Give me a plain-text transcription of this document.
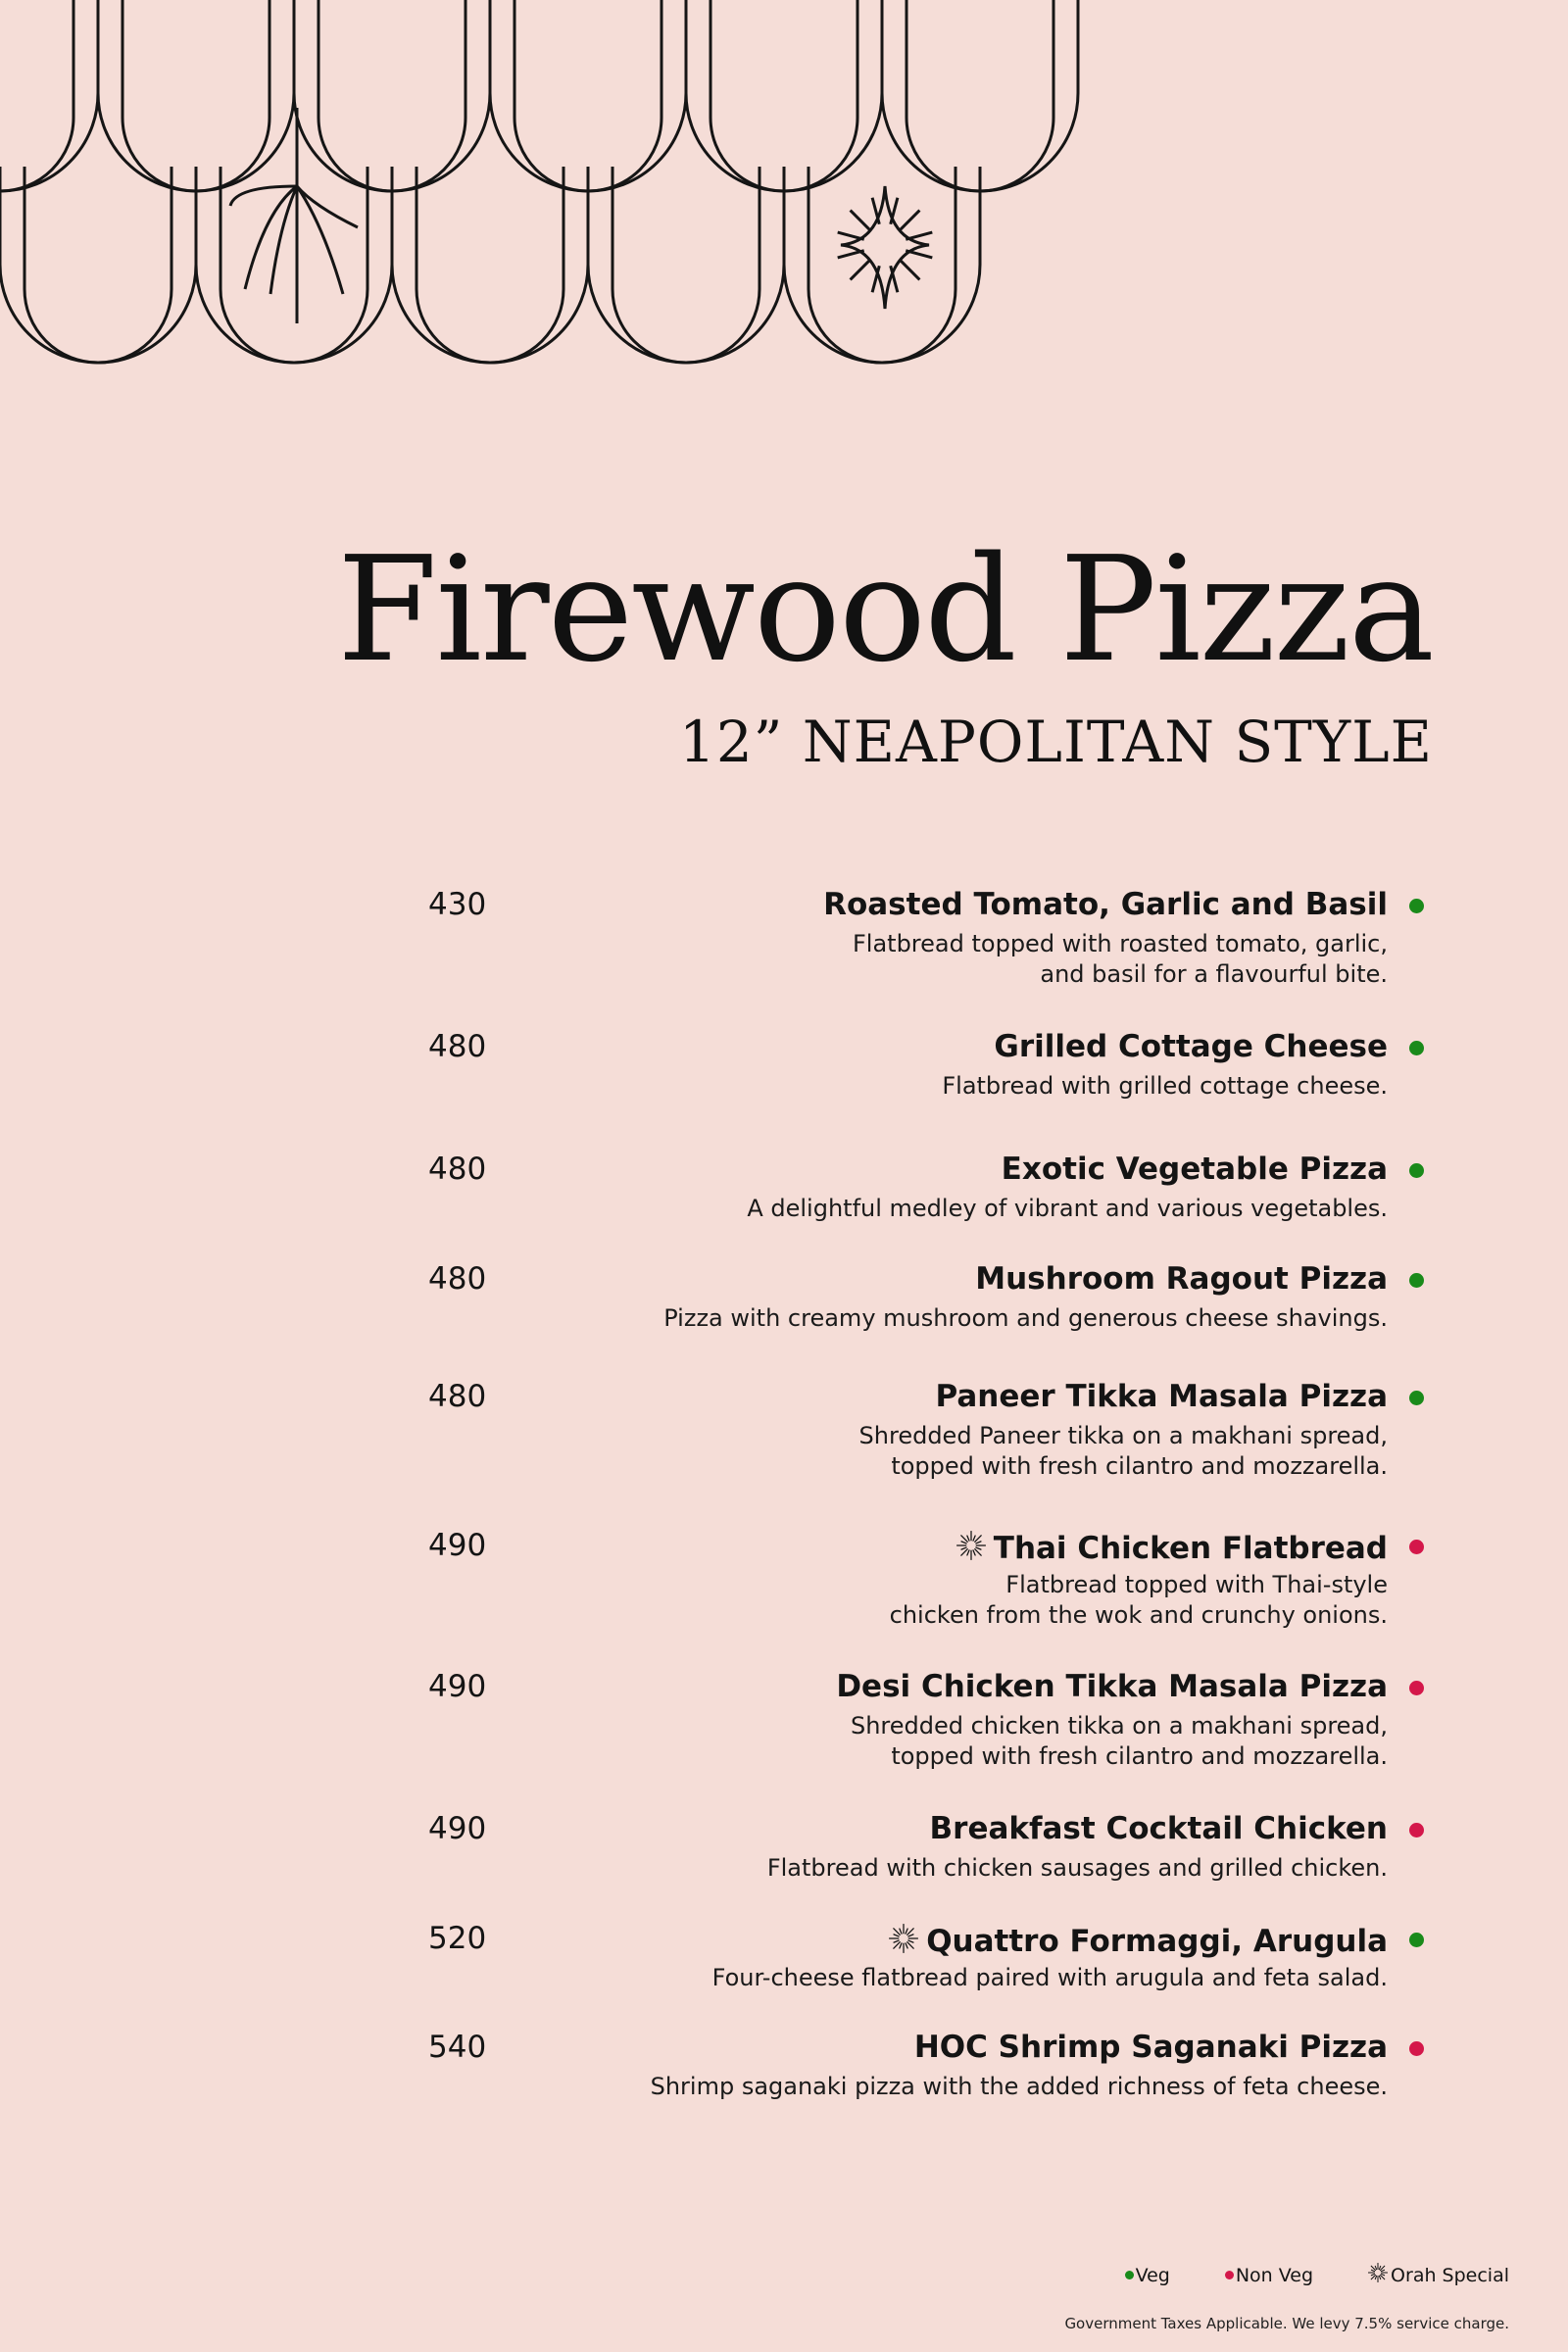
Firewood Pizza
12” NEAPOLITAN STYLE
430	Roasted Tomato, Garlic and Basil
Flatbread topped with roasted tomato, garlic,
and basil for a flavourful bite.
480	Grilled Cottage Cheese
Flatbread with grilled cottage cheese.
480	Exotic Vegetable Pizza
A delightful medley of vibrant and various vegetables.
480	Mushroom Ragout Pizza
Pizza with creamy mushroom and generous cheese shavings.
480	Paneer Tikka Masala Pizza
Shredded Paneer tikka on a makhani spread,
topped with fresh cilantro and mozzarella.
490	Thai Chicken Flatbread
Flatbread topped with Thai-style
chicken from the wok and crunchy onions.
490	Desi Chicken Tikka Masala Pizza
Shredded chicken tikka on a makhani spread,
topped with fresh cilantro and mozzarella.
490	Breakfast Cocktail Chicken
Flatbread with chicken sausages and grilled chicken.
520	Quattro Formaggi, Arugula
Four-cheese flatbread paired with arugula and feta salad.
540	HOC Shrimp Saganaki Pizza
Shrimp saganaki pizza with the added richness of feta cheese.
Veg	Non Veg	Orah Special
Government Taxes Applicable. We levy 7.5% service charge.
